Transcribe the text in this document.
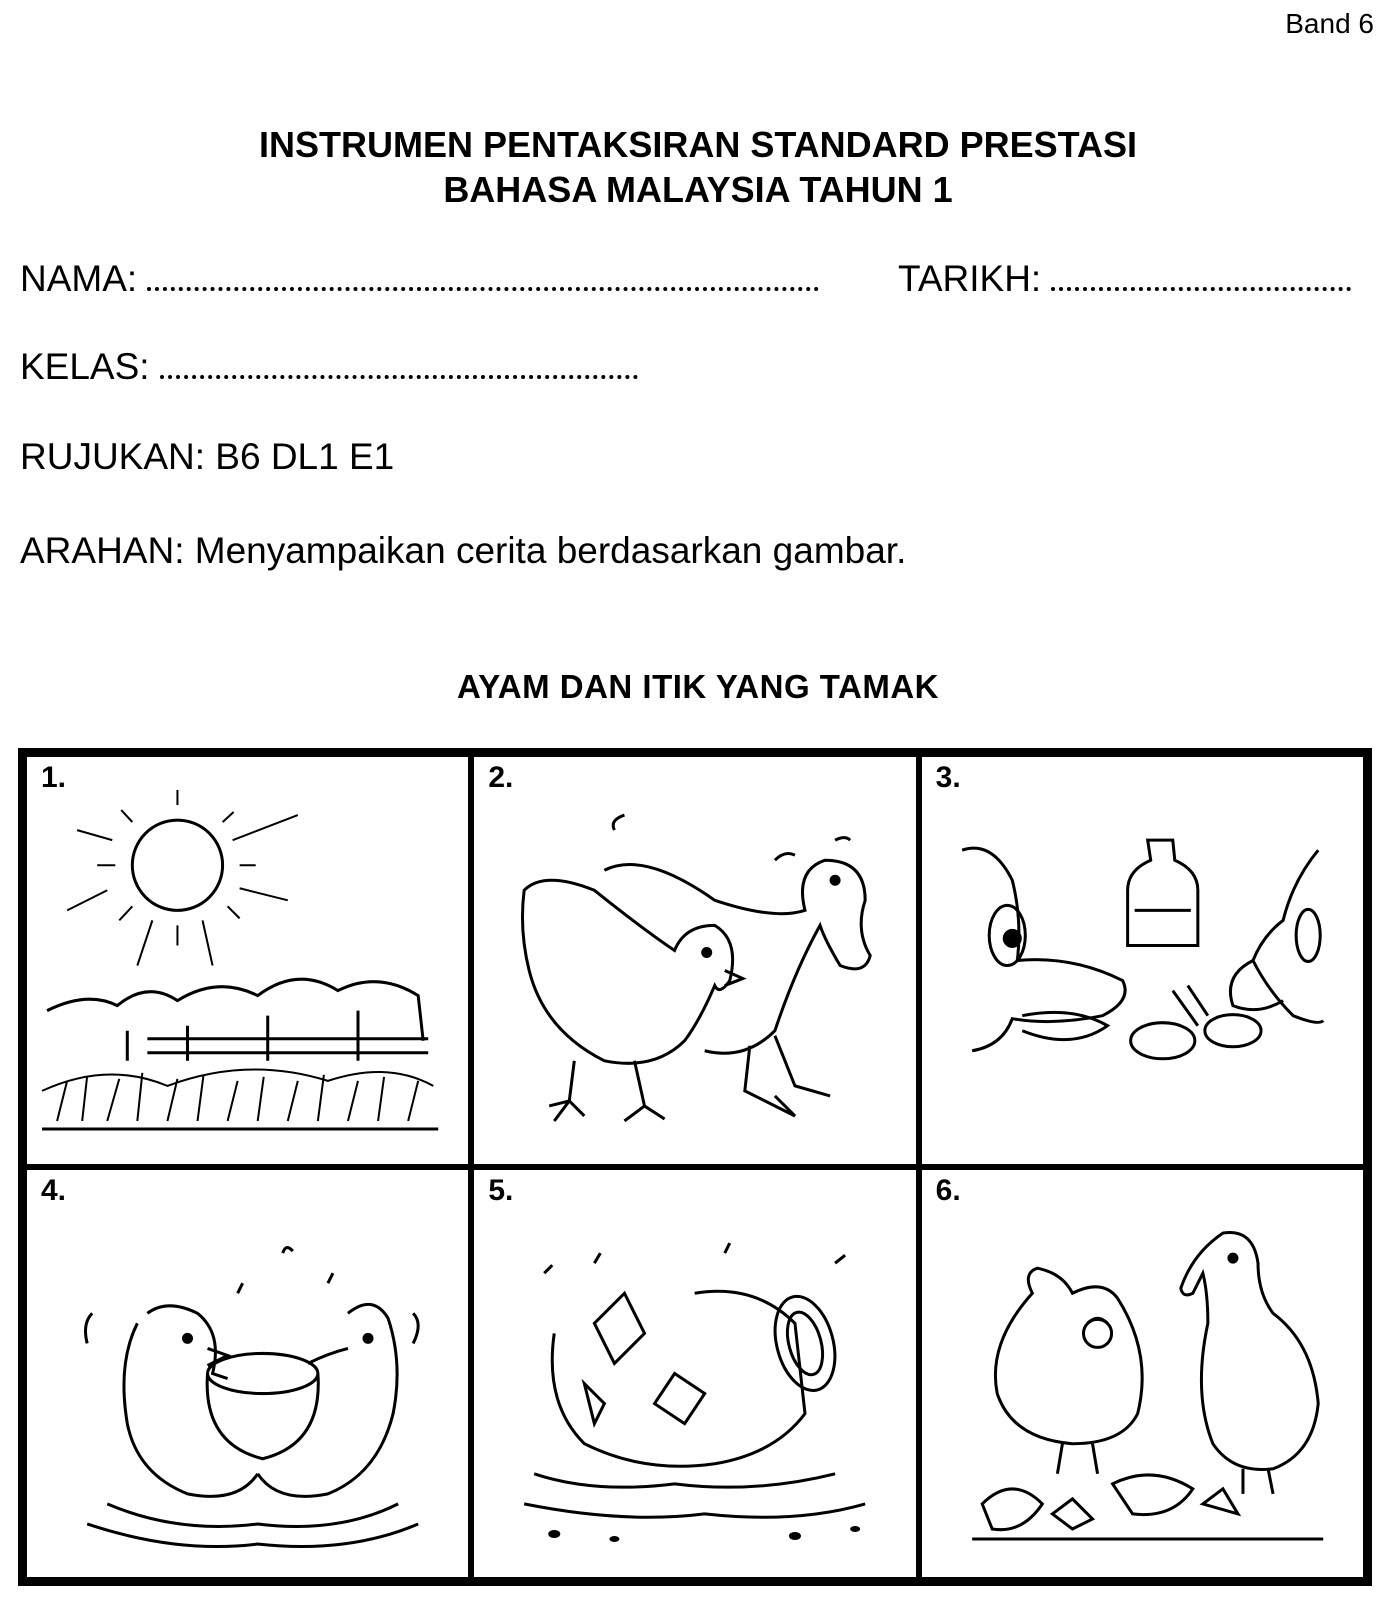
Band 6
INSTRUMEN PENTAKSIRAN STANDARD PRESTASI
BAHASA MALAYSIA TAHUN 1
NAMA:	TARIKH:
KELAS:
RUJUKAN: B6 DL1 E1
ARAHAN: Menyampaikan cerita berdasarkan gambar.
AYAM DAN ITIK YANG TAMAK
1.	2.	3.
4.	5.	6.
